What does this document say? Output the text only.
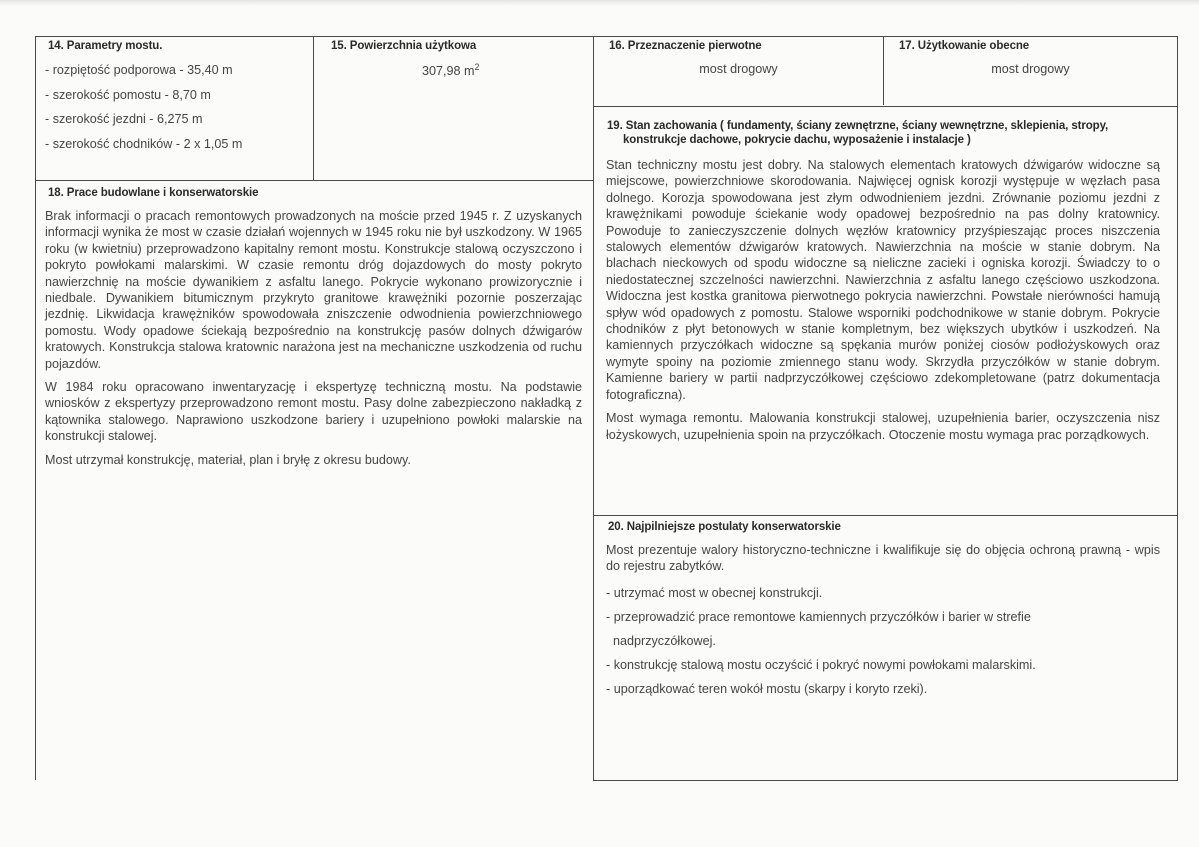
14. Parametry mostu.
- rozpiętość podporowa - 35,40 m
- szerokość pomostu - 8,70 m
- szerokość jezdni - 6,275 m
- szerokość chodników - 2 x 1,05 m
15. Powierzchnia użytkowa
307,98 $m^2$
16. Przeznaczenie pierwotne
most drogowy
17. Użytkowanie obecne
most drogowy
18. Prace budowlane i konserwatorskie

Brak informacji o pracach remontowych prowadzonych na moście przed 1945 r. Z uzyskanych informacji wynika że most w czasie działań wojennych w 1945 roku nie był uszkodzony. W 1965 roku (w kwietniu) przeprowadzono kapitalny remont mostu. Konstrukcje stalową oczyszczono i pokryto powłokami malarskimi. W czasie remontu dróg dojazdowych do mosty pokryto nawierzchnię na moście dywanikiem z asfaltu lanego. Pokrycie wykonano prowizorycznie i niedbale. Dywanikiem bitumicznym przykryto granitowe krawężniki pozornie poszerzając jezdnię. Likwidacja krawężników spowodowała zniszczenie odwodnienia powierzchniowego pomostu. Wody opadowe ściekają bezpośrednio na konstrukcję pasów dolnych dźwigarów kratowych. Konstrukcja stalowa kratownic narażona jest na mechaniczne uszkodzenia od ruchu pojazdów.

W 1984 roku opracowano inwentaryzację i ekspertyzę techniczną mostu. Na podstawie wniosków z ekspertyzy przeprowadzono remont mostu. Pasy dolne zabezpieczono nakładką z kątownika stalowego. Naprawiono uszkodzone bariery i uzupełniono powłoki malarskie na konstrukcji stalowej.

Most utrzymał konstrukcję, materiał, plan i bryłę z okresu budowy.

19. Stan zachowania ( fundamenty, ściany zewnętrzne, ściany wewnętrzne, sklepienia, stropy,
konstrukcje dachowe, pokrycie dachu, wyposażenie i instalacje )

Stan techniczny mostu jest dobry. Na stalowych elementach kratowych dźwigarów widoczne są miejscowe, powierzchniowe skorodowania. Najwięcej ognisk korozji występuje w węzłach pasa dolnego. Korozja spowodowana jest złym odwodnieniem jezdni. Zrównanie poziomu jezdni z krawężnikami powoduje ściekanie wody opadowej bezpośrednio na pas dolny kratownicy. Powoduje to zanieczyszczenie dolnych węzłów kratownicy przyśpieszając proces niszczenia stalowych elementów dźwigarów kratowych. Nawierzchnia na moście w stanie dobrym. Na blachach nieckowych od spodu widoczne są nieliczne zacieki i ogniska korozji. Świadczy to o niedostatecznej szczelności nawierzchni. Nawierzchnia z asfaltu lanego częściowo uszkodzona. Widoczna jest kostka granitowa pierwotnego pokrycia nawierzchni. Powstałe nierówności hamują spływ wód opadowych z pomostu. Stalowe wsporniki podchodnikowe w stanie dobrym. Pokrycie chodników z płyt betonowych w stanie kompletnym, bez większych ubytków i uszkodzeń. Na kamiennych przyczółkach widoczne są spękania murów poniżej ciosów podłożyskowych oraz wymyte spoiny na poziomie zmiennego stanu wody. Skrzydła przyczółków w stanie dobrym. Kamienne bariery w partii nadprzyczółkowej częściowo zdekompletowane (patrz dokumentacja fotograficzna).

Most wymaga remontu. Malowania konstrukcji stalowej, uzupełnienia barier, oczyszczenia nisz łożyskowych, uzupełnienia spoin na przyczółkach. Otoczenie mostu wymaga prac porządkowych.

20. Najpilniejsze postulaty konserwatorskie
Most prezentuje walory historyczno-techniczne i kwalifikuje się do objęcia ochroną prawną - wpis do rejestru zabytków.

- utrzymać most w obecnej konstrukcji.

- przeprowadzić prace remontowe kamiennych przyczółków i barier w strefie

nadprzyczółkowej.

- konstrukcję stalową mostu oczyścić i pokryć nowymi powłokami malarskimi.

- uporządkować teren wokół mostu (skarpy i koryto rzeki).
